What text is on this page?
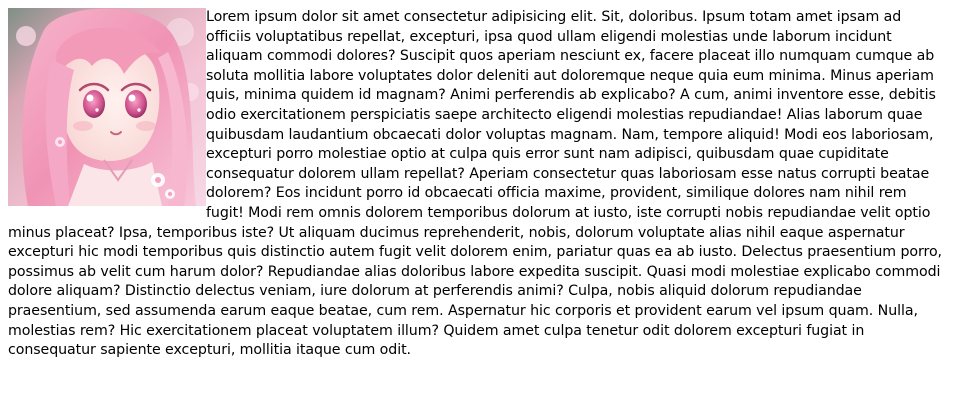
Lorem ipsum dolor sit amet consectetur adipisicing elit. Sit, doloribus. Ipsum totam amet ipsam ad officiis voluptatibus repellat, excepturi, ipsa quod ullam eligendi molestias unde laborum incidunt aliquam commodi dolores? Suscipit quos aperiam nesciunt ex, facere placeat illo numquam cumque ab soluta mollitia labore voluptates dolor deleniti aut doloremque neque quia eum minima. Minus aperiam quis, minima quidem id magnam? Animi perferendis ab explicabo? A cum, animi inventore esse, debitis odio exercitationem perspiciatis saepe architecto eligendi molestias repudiandae! Alias laborum quae quibusdam laudantium obcaecati dolor voluptas magnam. Nam, tempore aliquid! Modi eos laboriosam, excepturi porro molestiae optio at culpa quis error sunt nam adipisci, quibusdam quae cupiditate consequatur dolorem ullam repellat? Aperiam consectetur quas laboriosam esse natus corrupti beatae dolorem? Eos incidunt porro id obcaecati officia maxime, provident, similique dolores nam nihil rem fugit! Modi rem omnis dolorem temporibus dolorum at iusto, iste corrupti nobis repudiandae velit optio minus placeat? Ipsa, temporibus iste? Ut aliquam ducimus reprehenderit, nobis, dolorum voluptate alias nihil eaque aspernatur excepturi hic modi temporibus quis distinctio autem fugit velit dolorem enim, pariatur quas ea ab iusto. Delectus praesentium porro, possimus ab velit cum harum dolor? Repudiandae alias doloribus labore expedita suscipit. Quasi modi molestiae explicabo commodi dolore aliquam? Distinctio delectus veniam, iure dolorum at perferendis animi? Culpa, nobis aliquid dolorum repudiandae praesentium, sed assumenda earum eaque beatae, cum rem. Aspernatur hic corporis et provident earum vel ipsum quam. Nulla, molestias rem? Hic exercitationem placeat voluptatem illum? Quidem amet culpa tenetur odit dolorem excepturi fugiat in consequatur sapiente excepturi, mollitia itaque cum odit.
